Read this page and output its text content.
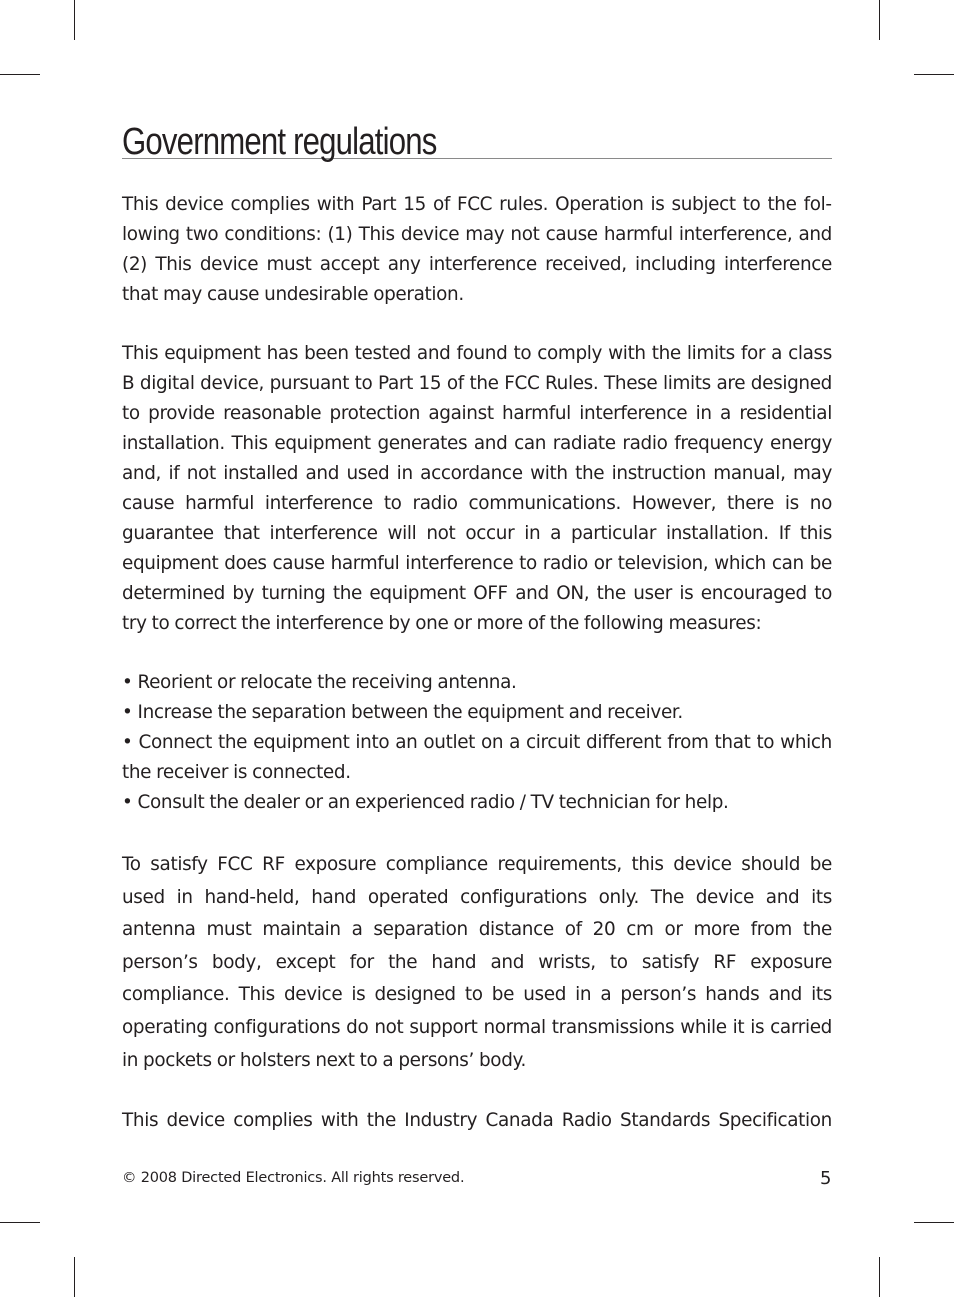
Government regulations

This device complies with Part 15 of FCC rules. Operation is subject to the following two conditions: (1) This device may not cause harmful interference, and (2) This device must accept any interference received, including interference that may cause undesirable operation.

This equipment has been tested and found to comply with the limits for a class B digital device, pursuant to Part 15 of the FCC Rules. These limits are designed to provide reasonable protection against harmful interference in a residential installation. This equipment generates and can radiate radio frequency energy and, if not installed and used in accordance with the instruction manual, may cause harmful interference to radio communications. However, there is no guarantee that interference will not occur in a particular installation. If this equipment does cause harmful interference to radio or television, which can be determined by turning the equipment OFF and ON, the user is encouraged to try to correct the interference by one or more of the following measures:

• Reorient or relocate the receiving antenna.
• Increase the separation between the equipment and receiver.
• Connect the equipment into an outlet on a circuit different from that to which the receiver is connected.
• Consult the dealer or an experienced radio / TV technician for help.

To satisfy FCC RF exposure compliance requirements, this device should be used in hand-held, hand operated configurations only. The device and its antenna must maintain a separation distance of 20 cm or more from the person’s body, except for the hand and wrists, to satisfy RF exposure compliance. This device is designed to be used in a person’s hands and its operating configurations do not support normal transmissions while it is carried in pockets or holsters next to a persons’ body.

This device complies with the Industry Canada Radio Standards Specification

© 2008 Directed Electronics. All rights reserved.	5
